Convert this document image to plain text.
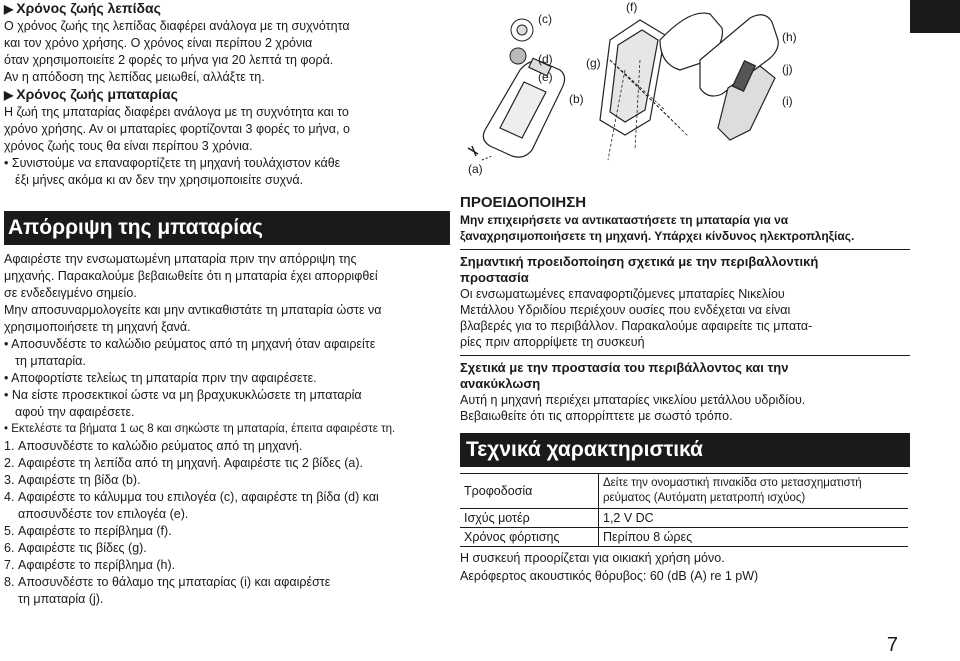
▶ Χρόνος ζωής λεπίδας

Ο χρόνος ζωής της λεπίδας διαφέρει ανάλογα με τη συχνότητα

και τον χρόνο χρήσης. Ο χρόνος είναι περίπου 2 χρόνια

όταν χρησιμοποιείτε 2 φορές το μήνα για 20 λεπτά τη φορά.

Αν η απόδοση της λεπίδας μειωθεί, αλλάξτε τη.

▶ Χρόνος ζωής μπαταρίας

Η ζωή της μπαταρίας διαφέρει ανάλογα με τη συχνότητα και το

χρόνο χρήσης. Αν οι μπαταρίες φορτίζονται 3 φορές το μήνα, ο

χρόνος ζωής τους θα είναι περίπου 3 χρόνια.

• Συνιστούμε να επαναφορτίζετε τη μηχανή τουλάχιστον κάθε

έξι μήνες ακόμα κι αν δεν την χρησιμοποιείτε συχνά.

Απόρριψη της μπαταρίας

Αφαιρέστε την ενσωματωμένη μπαταρία πριν την απόρριψη της

μηχανής. Παρακαλούμε βεβαιωθείτε ότι η μπαταρία έχει απορριφθεί

σε ενδεδειγμένο σημείο.

Μην αποσυναρμολογείτε και μην αντικαθιστάτε τη μπαταρία ώστε να

χρησιμοποιήσετε τη μηχανή ξανά.

• Αποσυνδέστε το καλώδιο ρεύματος από τη μηχανή όταν αφαιρείτε

τη μπαταρία.

• Αποφορτίστε τελείως τη μπαταρία πριν την αφαιρέσετε.

• Να είστε προσεκτικοί ώστε να μη βραχυκυκλώσετε τη μπαταρία

αφού την αφαιρέσετε.

• Εκτελέστε τα βήματα 1 ως 8 και σηκώστε τη μπαταρία, έπειτα αφαιρέστε τη.

1. Αποσυνδέστε το καλώδιο ρεύματος από τη μηχανή.
2. Αφαιρέστε τη λεπίδα από τη μηχανή. Αφαιρέστε τις 2 βίδες (a).
3. Αφαιρέστε τη βίδα (b).
4. Αφαιρέστε το κάλυμμα του επιλογέα (c), αφαιρέστε τη βίδα (d) και
αποσυνδέστε τον επιλογέα (e).
5. Αφαιρέστε το περίβλημα (f).
6. Αφαιρέστε τις βίδες (g).
7. Αφαιρέστε το περίβλημα (h).
8. Αποσυνδέστε το θάλαμο της μπαταρίας (i) και αφαιρέστε
τη μπαταρία (j).
(a)
(b)
(c)
(d)
(e)
(f)
(g)
(h)
(i)
(j)

ΠΡΟΕΙΔΟΠΟΙΗΣΗ

Μην επιχειρήσετε να αντικαταστήσετε τη μπαταρία για να

ξαναχρησιμοποιήσετε τη μηχανή. Υπάρχει κίνδυνος ηλεκτροπληξίας.

Σημαντική προειδοποίηση σχετικά με την περιβαλλοντική

προστασία

Οι ενσωματωμένες επαναφορτιζόμενες μπαταρίες Νικελίου

Μετάλλου Υδριδίου περιέχουν ουσίες που ενδέχεται να είναι

βλαβερές για το περιβάλλον. Παρακαλούμε αφαιρείτε τις μπατα-

ρίες πριν απορρίψετε τη συσκευή

Σχετικά με την προστασία του περιβάλλοντος και την

ανακύκλωση

Αυτή η μηχανή περιέχει μπαταρίες νικελίου μετάλλου υδριδίου.

Βεβαιωθείτε ότι τις απορρίπτετε με σωστό τρόπο.

Τεχνικά χαρακτηριστικά
Τροφοδοσία	Δείτε την ονομαστική πινακίδα στο μετασχηματιστή
ρεύματος (Αυτόματη μετατροπή ισχύος)
Ισχύς μοτέρ	1,2 V DC
Χρόνος φόρτισης	Περίπου 8 ώρες

Η συσκευή προορίζεται για οικιακή χρήση μόνο.

Αερόφερτος ακουστικός θόρυβος: 60 (dB (A) re 1 pW)

7
